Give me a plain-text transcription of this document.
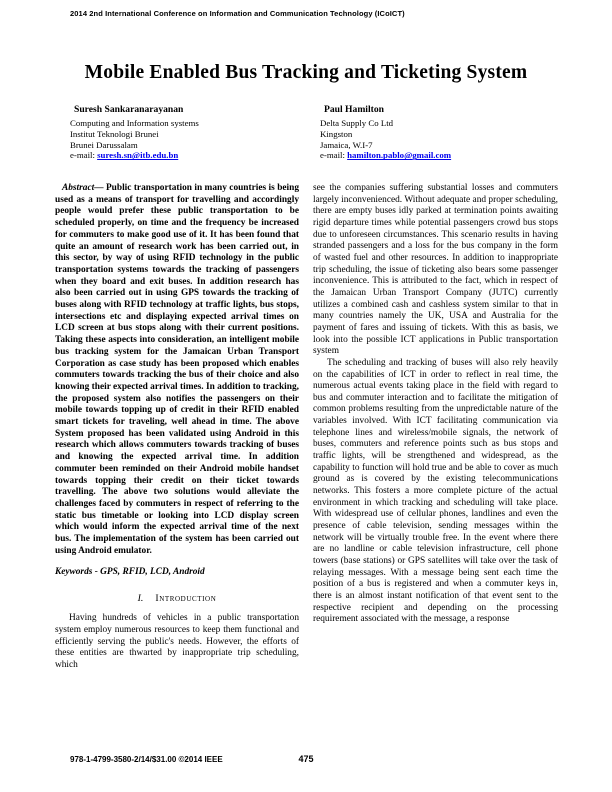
2014 2nd International Conference on Information and Communication Technology (ICoICT)
Mobile Enabled Bus Tracking and Ticketing System
Suresh Sankaranarayanan
Computing and Information systems
Institut Teknologi Brunei
Brunei Darussalam
e-mail: suresh.sn@itb.edu.bn
Paul Hamilton
Delta Supply Co Ltd
Kingston
Jamaica, W.I-7
e-mail: hamilton.pablo@gmail.com

Abstract— Public transportation in many countries is being used as a means of transport for travelling and accordingly people would prefer these public transportation to be scheduled properly, on time and the frequency be increased for commuters to make good use of it. It has been found that quite an amount of research work has been carried out, in this sector, by way of using RFID technology in the public transportation systems towards the tracking of passengers when they board and exit buses. In addition research has also been carried out in using GPS towards the tracking of buses along with RFID technology at traffic lights, bus stops, intersections etc and displaying expected arrival times on LCD screen at bus stops along with their current positions. Taking these aspects into consideration, an intelligent mobile bus tracking system for the Jamaican Urban Transport Corporation as case study has been proposed which enables commuters towards tracking the bus of their choice and also knowing their expected arrival times. In addition to tracking, the proposed system also notifies the passengers on their mobile towards topping up of credit in their RFID enabled smart tickets for traveling, well ahead in time. The above System proposed has been validated using Android in this research which allows commuters towards tracking of buses and knowing the expected arrival time. In addition commuter been reminded on their Android mobile handset towards topping their credit on their ticket towards travelling. The above two solutions would alleviate the challenges faced by commuters in respect of referring to the static bus timetable or looking into LCD display screen which would inform the expected arrival time of the next bus. The implementation of the system has been carried out using Android emulator.

Keywords - GPS, RFID, LCD, Android

I. Introduction

Having hundreds of vehicles in a public transportation system employ numerous resources to keep them functional and efficiently serving the public's needs. However, the efforts of these entities are thwarted by inappropriate trip scheduling, which

see the companies suffering substantial losses and commuters largely inconvenienced. Without adequate and proper scheduling, there are empty buses idly parked at termination points awaiting rigid departure times while potential passengers crowd bus stops due to unforeseen circumstances. This scenario results in having stranded passengers and a loss for the bus company in the form of wasted fuel and other resources. In addition to inappropriate trip scheduling, the issue of ticketing also bears some passenger inconvenience. This is attributed to the fact, which in respect of the Jamaican Urban Transport Company (JUTC) currently utilizes a combined cash and cashless system similar to that in many countries namely the UK, USA and Australia for the payment of fares and issuing of tickets. With this as basis, we look into the possible ICT applications in Public transportation system

The scheduling and tracking of buses will also rely heavily on the capabilities of ICT in order to reflect in real time, the numerous actual events taking place in the field with regard to bus and commuter interaction and to facilitate the mitigation of common problems resulting from the unpredictable nature of the variables involved. With ICT facilitating communication via telephone lines and wireless/mobile signals, the network of buses, commuters and reference points such as bus stops and traffic lights, will be strengthened and widespread, as the capability to function will hold true and be able to cover as much ground as is covered by the existing telecommunications networks. This fosters a more complete picture of the actual environment in which tracking and scheduling will take place. With widespread use of cellular phones, landlines and even the presence of cable television, sending messages within the network will be virtually trouble free. In the event where there are no landline or cable television infrastructure, cell phone towers (base stations) or GPS satellites will take over the task of relaying messages. With a message being sent each time the position of a bus is registered and when a commuter keys in, there is an almost instant notification of that event sent to the respective recipient and depending on the processing requirement associated with the message, a response

475
978-1-4799-3580-2/14/$31.00 ©2014 IEEE
